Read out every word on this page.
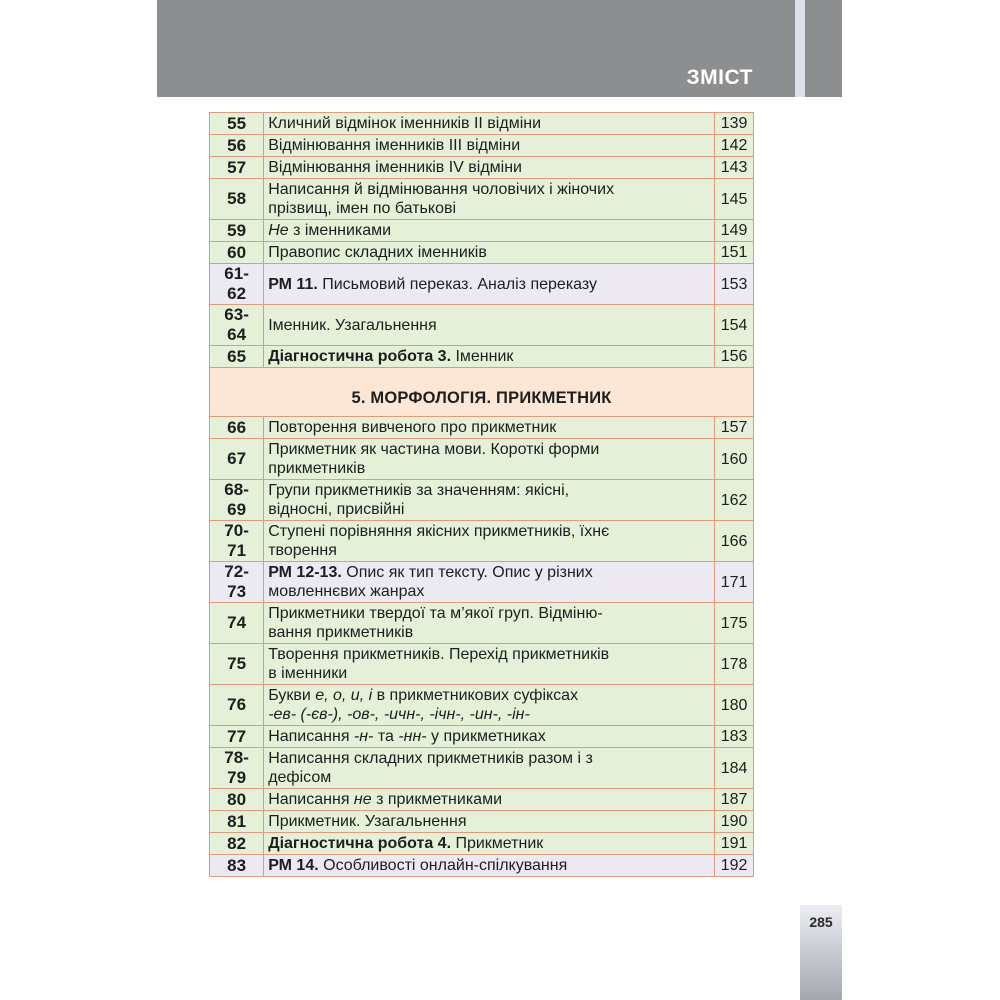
ЗМІСТ
55	Кличний відмінок іменників II відміни	139
56	Відмінювання іменників III відміни	142
57	Відмінювання іменників IV відміни	143
58	Написання й відмінювання чоловічих і жіночих
прізвищ, імен по батькові	145
59	Не з іменниками	149
60	Правопис складних іменників	151
61-
62	РМ 11. Письмовий переказ. Аналіз переказу	153
63-
64	Іменник. Узагальнення	154
65	Діагностична робота 3. Іменник	156
5. МОРФОЛОГІЯ. ПРИКМЕТНИК		
66	Повторення вивченого про прикметник	157
67	Прикметник як частина мови. Короткі форми
прикметників	160
68-
69	Групи прикметників за значенням: якісні,
відносні, присвійні	162
70-
71	Ступені порівняння якісних прикметників, їхнє
творення	166
72-
73	РМ 12-13. Опис як тип тексту. Опис у різних
мовленнєвих жанрах	171
74	Прикметники твердої та м’якої груп. Відміню-
вання прикметників	175
75	Творення прикметників. Перехід прикметників
в іменники	178
76	Букви е, о, и, і в прикметникових суфіксах
-ев- (-єв-), -ов-, -ичн-, -ічн-, -ин-, -ін-	180
77	Написання -н- та -нн- у прикметниках	183
78-
79	Написання складних прикметників разом і з
дефісом	184
80	Написання не з прикметниками	187
81	Прикметник. Узагальнення	190
82	Діагностична робота 4. Прикметник	191
83	РМ 14. Особливості онлайн-спілкування	192
285
